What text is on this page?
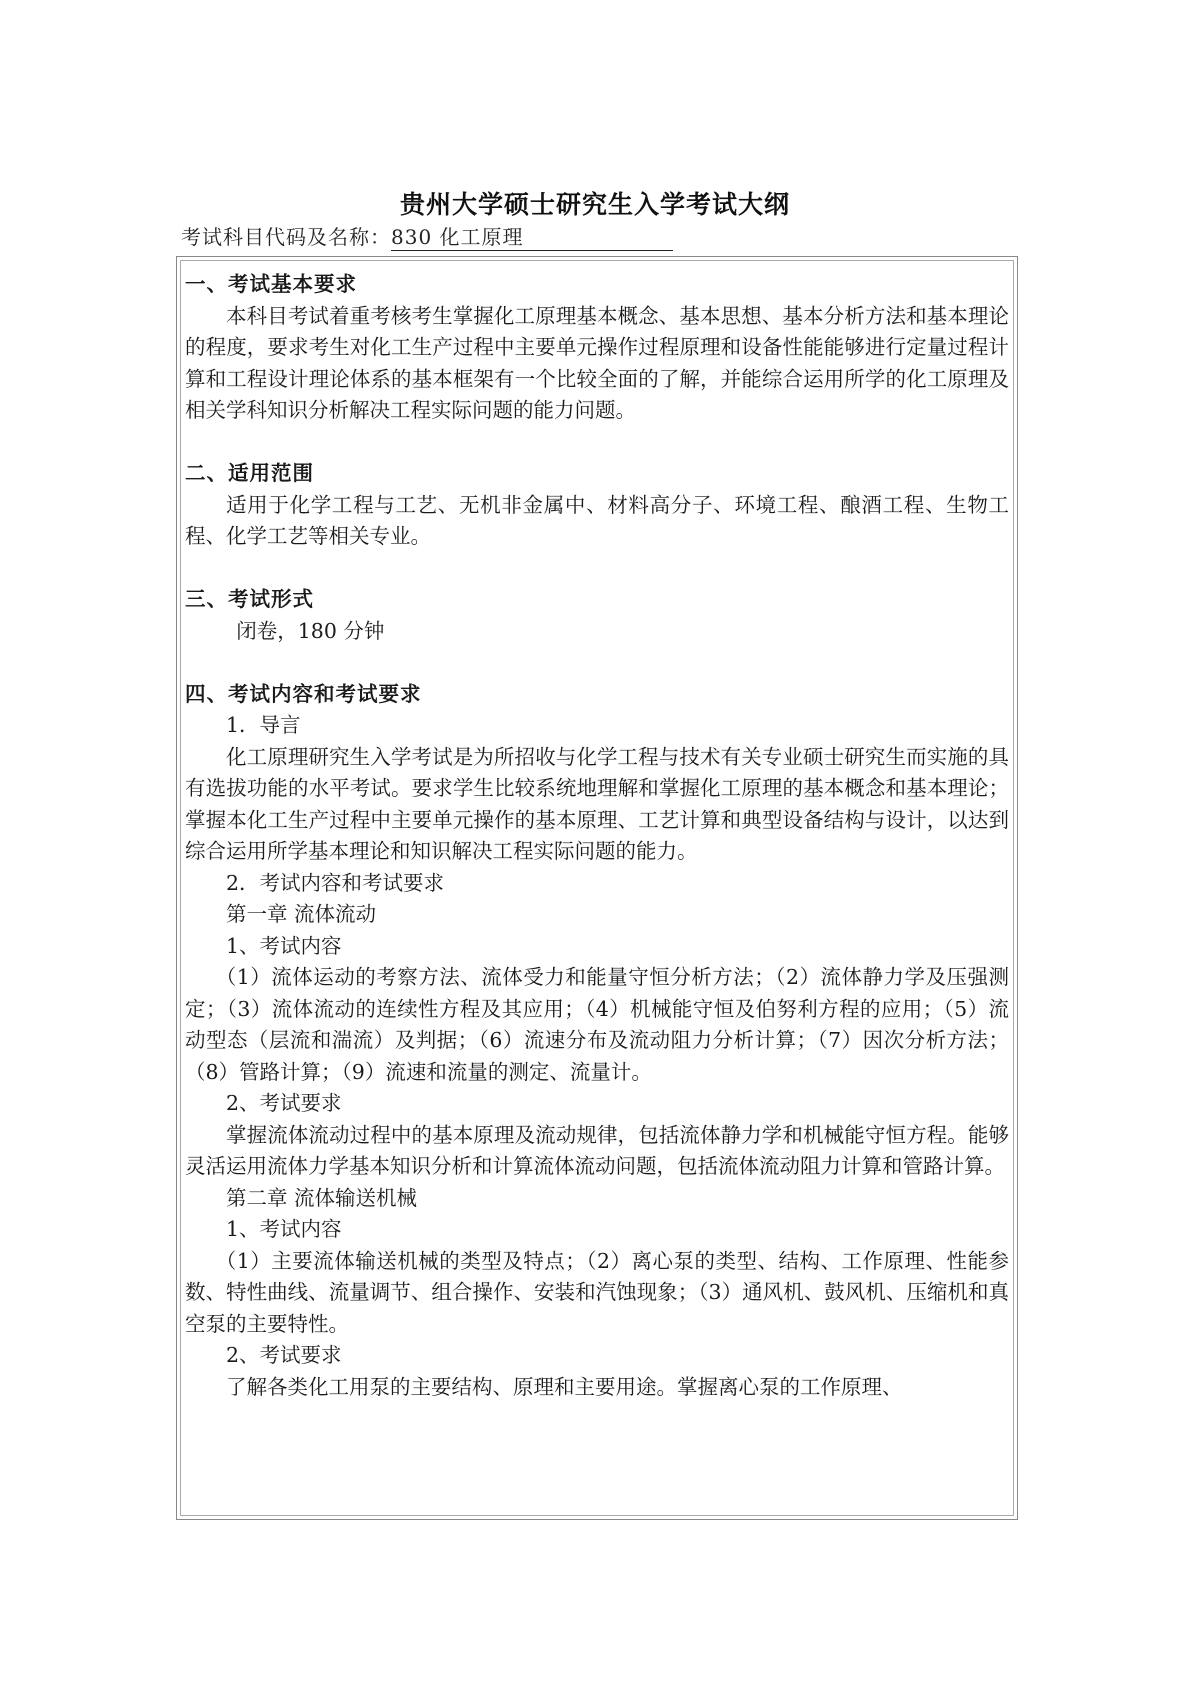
贵州大学硕士研究生入学考试大纲
考试科目代码及名称：830 化工原理

一、考试基本要求

本科目考试着重考核考生掌握化工原理基本概念、基本思想、基本分析方法和基本理论的程度，要求考生对化工生产过程中主要单元操作过程原理和设备性能能够进行定量过程计算和工程设计理论体系的基本框架有一个比较全面的了解，并能综合运用所学的化工原理及相关学科知识分析解决工程实际问题的能力问题。

二、适用范围

适用于化学工程与工艺、无机非金属中、材料高分子、环境工程、酿酒工程、生物工程、化学工艺等相关专业。

三、考试形式

闭卷，180 分钟

四、考试内容和考试要求

1．导言

化工原理研究生入学考试是为所招收与化学工程与技术有关专业硕士研究生而实施的具有选拔功能的水平考试。要求学生比较系统地理解和掌握化工原理的基本概念和基本理论；掌握本化工生产过程中主要单元操作的基本原理、工艺计算和典型设备结构与设计，以达到综合运用所学基本理论和知识解决工程实际问题的能力。

2．考试内容和考试要求

第一章 流体流动

1、考试内容

（1）流体运动的考察方法、流体受力和能量守恒分析方法；（2）流体静力学及压强测定；（3）流体流动的连续性方程及其应用；（4）机械能守恒及伯努利方程的应用；（5）流动型态（层流和湍流）及判据；（6）流速分布及流动阻力分析计算；（7）因次分析方法；（8）管路计算；（9）流速和流量的测定、流量计。

2、考试要求

掌握流体流动过程中的基本原理及流动规律，包括流体静力学和机械能守恒方程。能够灵活运用流体力学基本知识分析和计算流体流动问题，包括流体流动阻力计算和管路计算。

第二章 流体输送机械

1、考试内容

（1）主要流体输送机械的类型及特点；（2）离心泵的类型、结构、工作原理、性能参数、特性曲线、流量调节、组合操作、安装和汽蚀现象；（3）通风机、鼓风机、压缩机和真空泵的主要特性。

2、考试要求

了解各类化工用泵的主要结构、原理和主要用途。掌握离心泵的工作原理、
